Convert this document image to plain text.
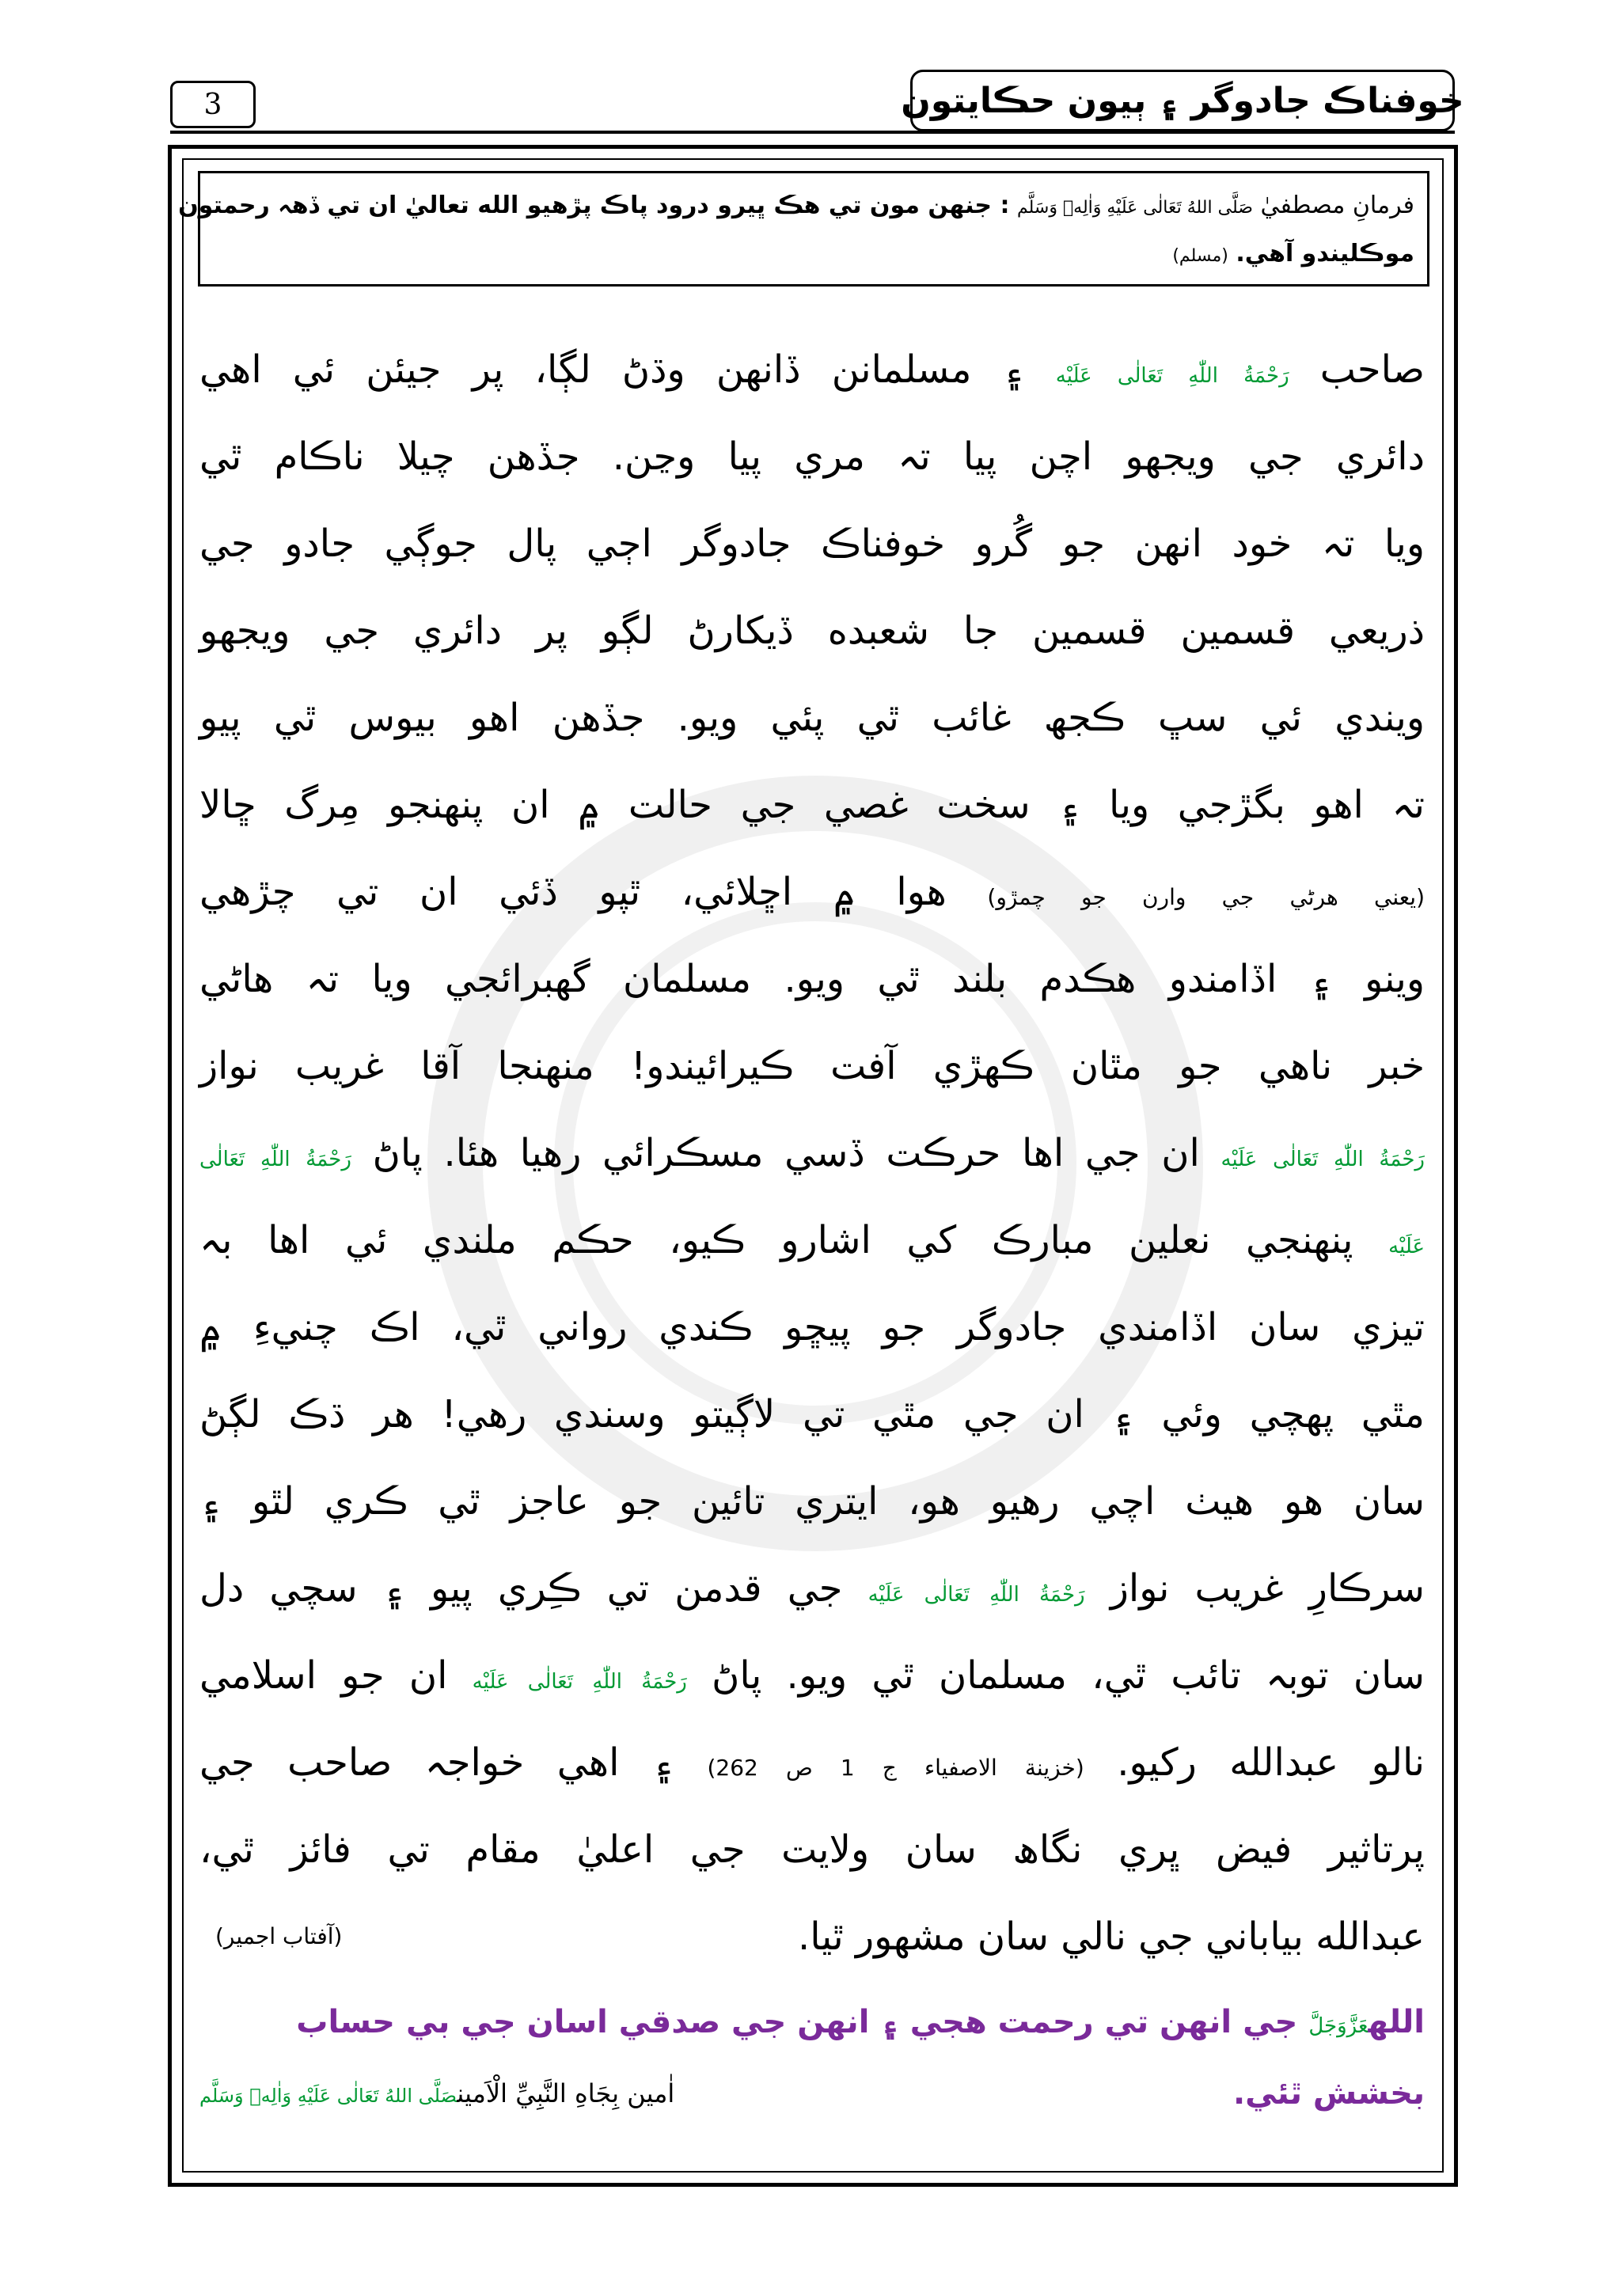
3	خوفناڪ جادوگر ۽ ٻيون حڪايتون
فرمانِ مصطفيٰ صَلَّى اللهُ تَعَالٰى عَلَيْهِ وَاٰلِهٖ وَسَلَّم : جنهن مون تي هڪ ڀيرو درود پاڪ پڙهيو الله تعاليٰ ان تي ڏهہ رحمتون
موڪليندو آهي. (مسلم)
صاحب رَحْمَةُ اللّٰهِ تَعَالٰى عَلَيْه ۽ مسلمانن ڏانهن وڌڻ لڳا، پر جيئن ئي اهي
دائري جي ويجهو اچن پيا تہ مري پيا وڃن. جڏهن چيلا ناڪام ٿي
ويا تہ خود انهن جو گُرو خوفناڪ جادوگر اڄي پال جوڳي جادو جي
ذريعي قسمين قسمين جا شعبده ڏيکارڻ لڳو پر دائري جي ويجهو
ويندي ئي سڀ ڪجھ غائب ٿي پئي ويو. جڏهن اهو بيوس ٿي پيو
تہ اهو بگڙجي ويا ۽ سخت غصي جي حالت ۾ ان پنهنجو مِرگ ڇالا
(يعني هرڻي جي وارن جو چمڙو) هوا ۾ اڇلائي، ٿپو ڏئي ان تي چڙهي
وينو ۽ اڏامندو هڪدم بلند ٿي ويو. مسلمان گھبرائجي ويا تہ هاڻي
خبر ناهي جو مٿان ڪهڙي آفت ڪيرائيندو! منهنجا آقا غريب نواز
رَحْمَةُ اللّٰهِ تَعَالٰى عَلَيْه ان جي اها حرڪت ڏسي مسڪرائي رهيا هئا. پاڻ رَحْمَةُ اللّٰهِ تَعَالٰى
عَلَيْه پنهنجي نعلين مبارڪ کي اشارو ڪيو، حڪم ملندي ئي اها بہ
تيزي سان اڏامندي جادوگر جو پيڇو ڪندي رواني ٿي، اڪ چنيءِ ۾
مٿي پهچي وئي ۽ ان جي مٿي تي لاڳيتو وسندي رهي! هر ڌڪ لڳڻ
سان هو هيٺ اچي رهيو هو، ايتري تائين جو عاجز ٿي ڪري لٿو ۽
سرڪارِ غريب نواز رَحْمَةُ اللّٰهِ تَعَالٰى عَلَيْه جي قدمن تي ڪِري پيو ۽ سچي دل
سان توبہ تائب ٿي، مسلمان ٿي ويو. پاڻ رَحْمَةُ اللّٰهِ تَعَالٰى عَلَيْه ان جو اسلامي
نالو عبدالله رکيو. (خزينة الاصفياء ج 1 ص 262) ۽ اهي خواجہ صاحب جي
پرتاثير فيض ڀري نگاھ سان ولايت جي اعليٰ مقام تي فائز ٿي،
عبدالله بياباني جي نالي سان مشهور ٿيا.
(آفتاب اجمير)
اللهعَزَّوَجَلَّ جي انهن تي رحمت هجي ۽ انهن جي صدقي اسان جي بي حساب
بخشش ٿئي.
اٰمين بِجَاهِ النَّبِيِّ الْاَمينصَلَّى اللهُ تَعَالٰى عَلَيْهِ وَاٰلِهٖ وَسَلَّم
